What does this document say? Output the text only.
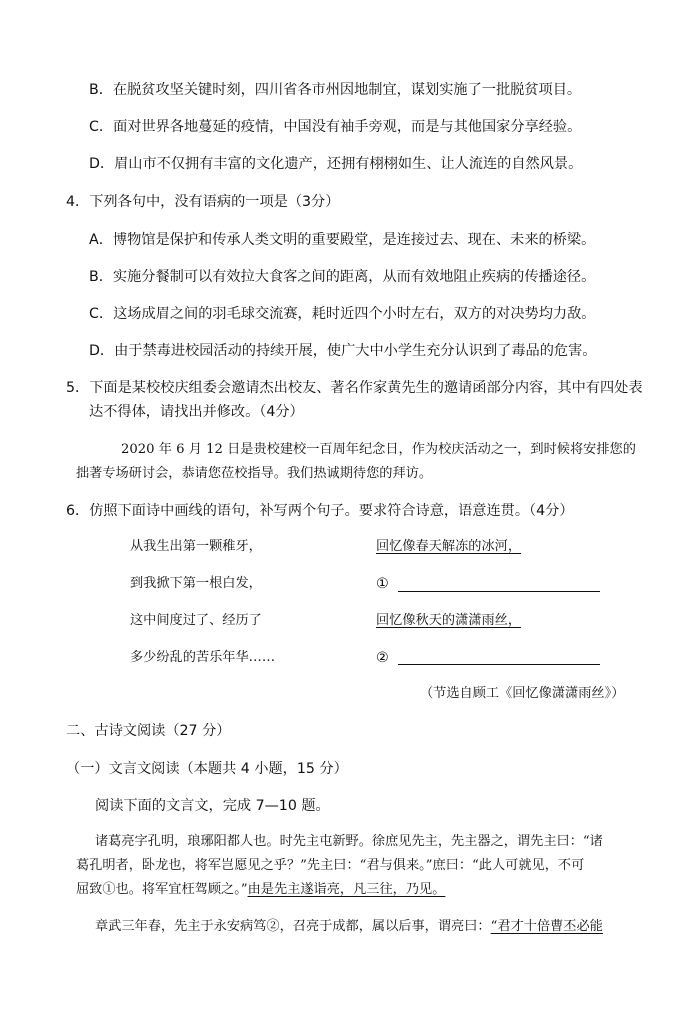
B．在脱贫攻坚关键时刻，四川省各市州因地制宜，谋划实施了一批脱贫项目。
C．面对世界各地蔓延的疫情，中国没有袖手旁观，而是与其他国家分享经验。
D．眉山市不仅拥有丰富的文化遗产，还拥有栩栩如生、让人流连的自然风景。
4．下列各句中，没有语病的一项是（3分）
A．博物馆是保护和传承人类文明的重要殿堂，是连接过去、现在、未来的桥梁。
B．实施分餐制可以有效拉大食客之间的距离，从而有效地阻止疾病的传播途径。
C．这场成眉之间的羽毛球交流赛，耗时近四个小时左右，双方的对决势均力敌。
D．由于禁毒进校园活动的持续开展，使广大中小学生充分认识到了毒品的危害。
5．下面是某校校庆组委会邀请杰出校友、著名作家黄先生的邀请函部分内容，其中有四处表
达不得体，请找出并修改。（4分）
2020 年 6 月 12 日是贵校建校一百周年纪念日，作为校庆活动之一，到时候将安排您的
拙著专场研讨会，恭请您莅校指导。我们热诚期待您的拜访。
6．仿照下面诗中画线的语句，补写两个句子。要求符合诗意，语意连贯。（4分）
从我生出第一颗稚牙，
到我掀下第一根白发，
这中间度过了、经历了
多少纷乱的苦乐年华……
回忆像春天解冻的冰河，
①
回忆像秋天的潇潇雨丝，
②
（节选自顾工《回忆像潇潇雨丝》）
二、古诗文阅读（27 分）
（一）文言文阅读（本题共 4 小题，15 分）
阅读下面的文言文，完成 7—10 题。
诸葛亮字孔明，琅琊阳都人也。时先主屯新野。徐庶见先主，先主器之，谓先主曰：“诸
葛孔明者，卧龙也，将军岂愿见之乎？”先主曰：“君与俱来。”庶曰：“此人可就见，不可
屈致①也。将军宜枉驾顾之。”由是先主遂诣亮，凡三往，乃见。
章武三年春，先主于永安病笃②，召亮于成都，属以后事，谓亮曰：“君才十倍曹丕必能
